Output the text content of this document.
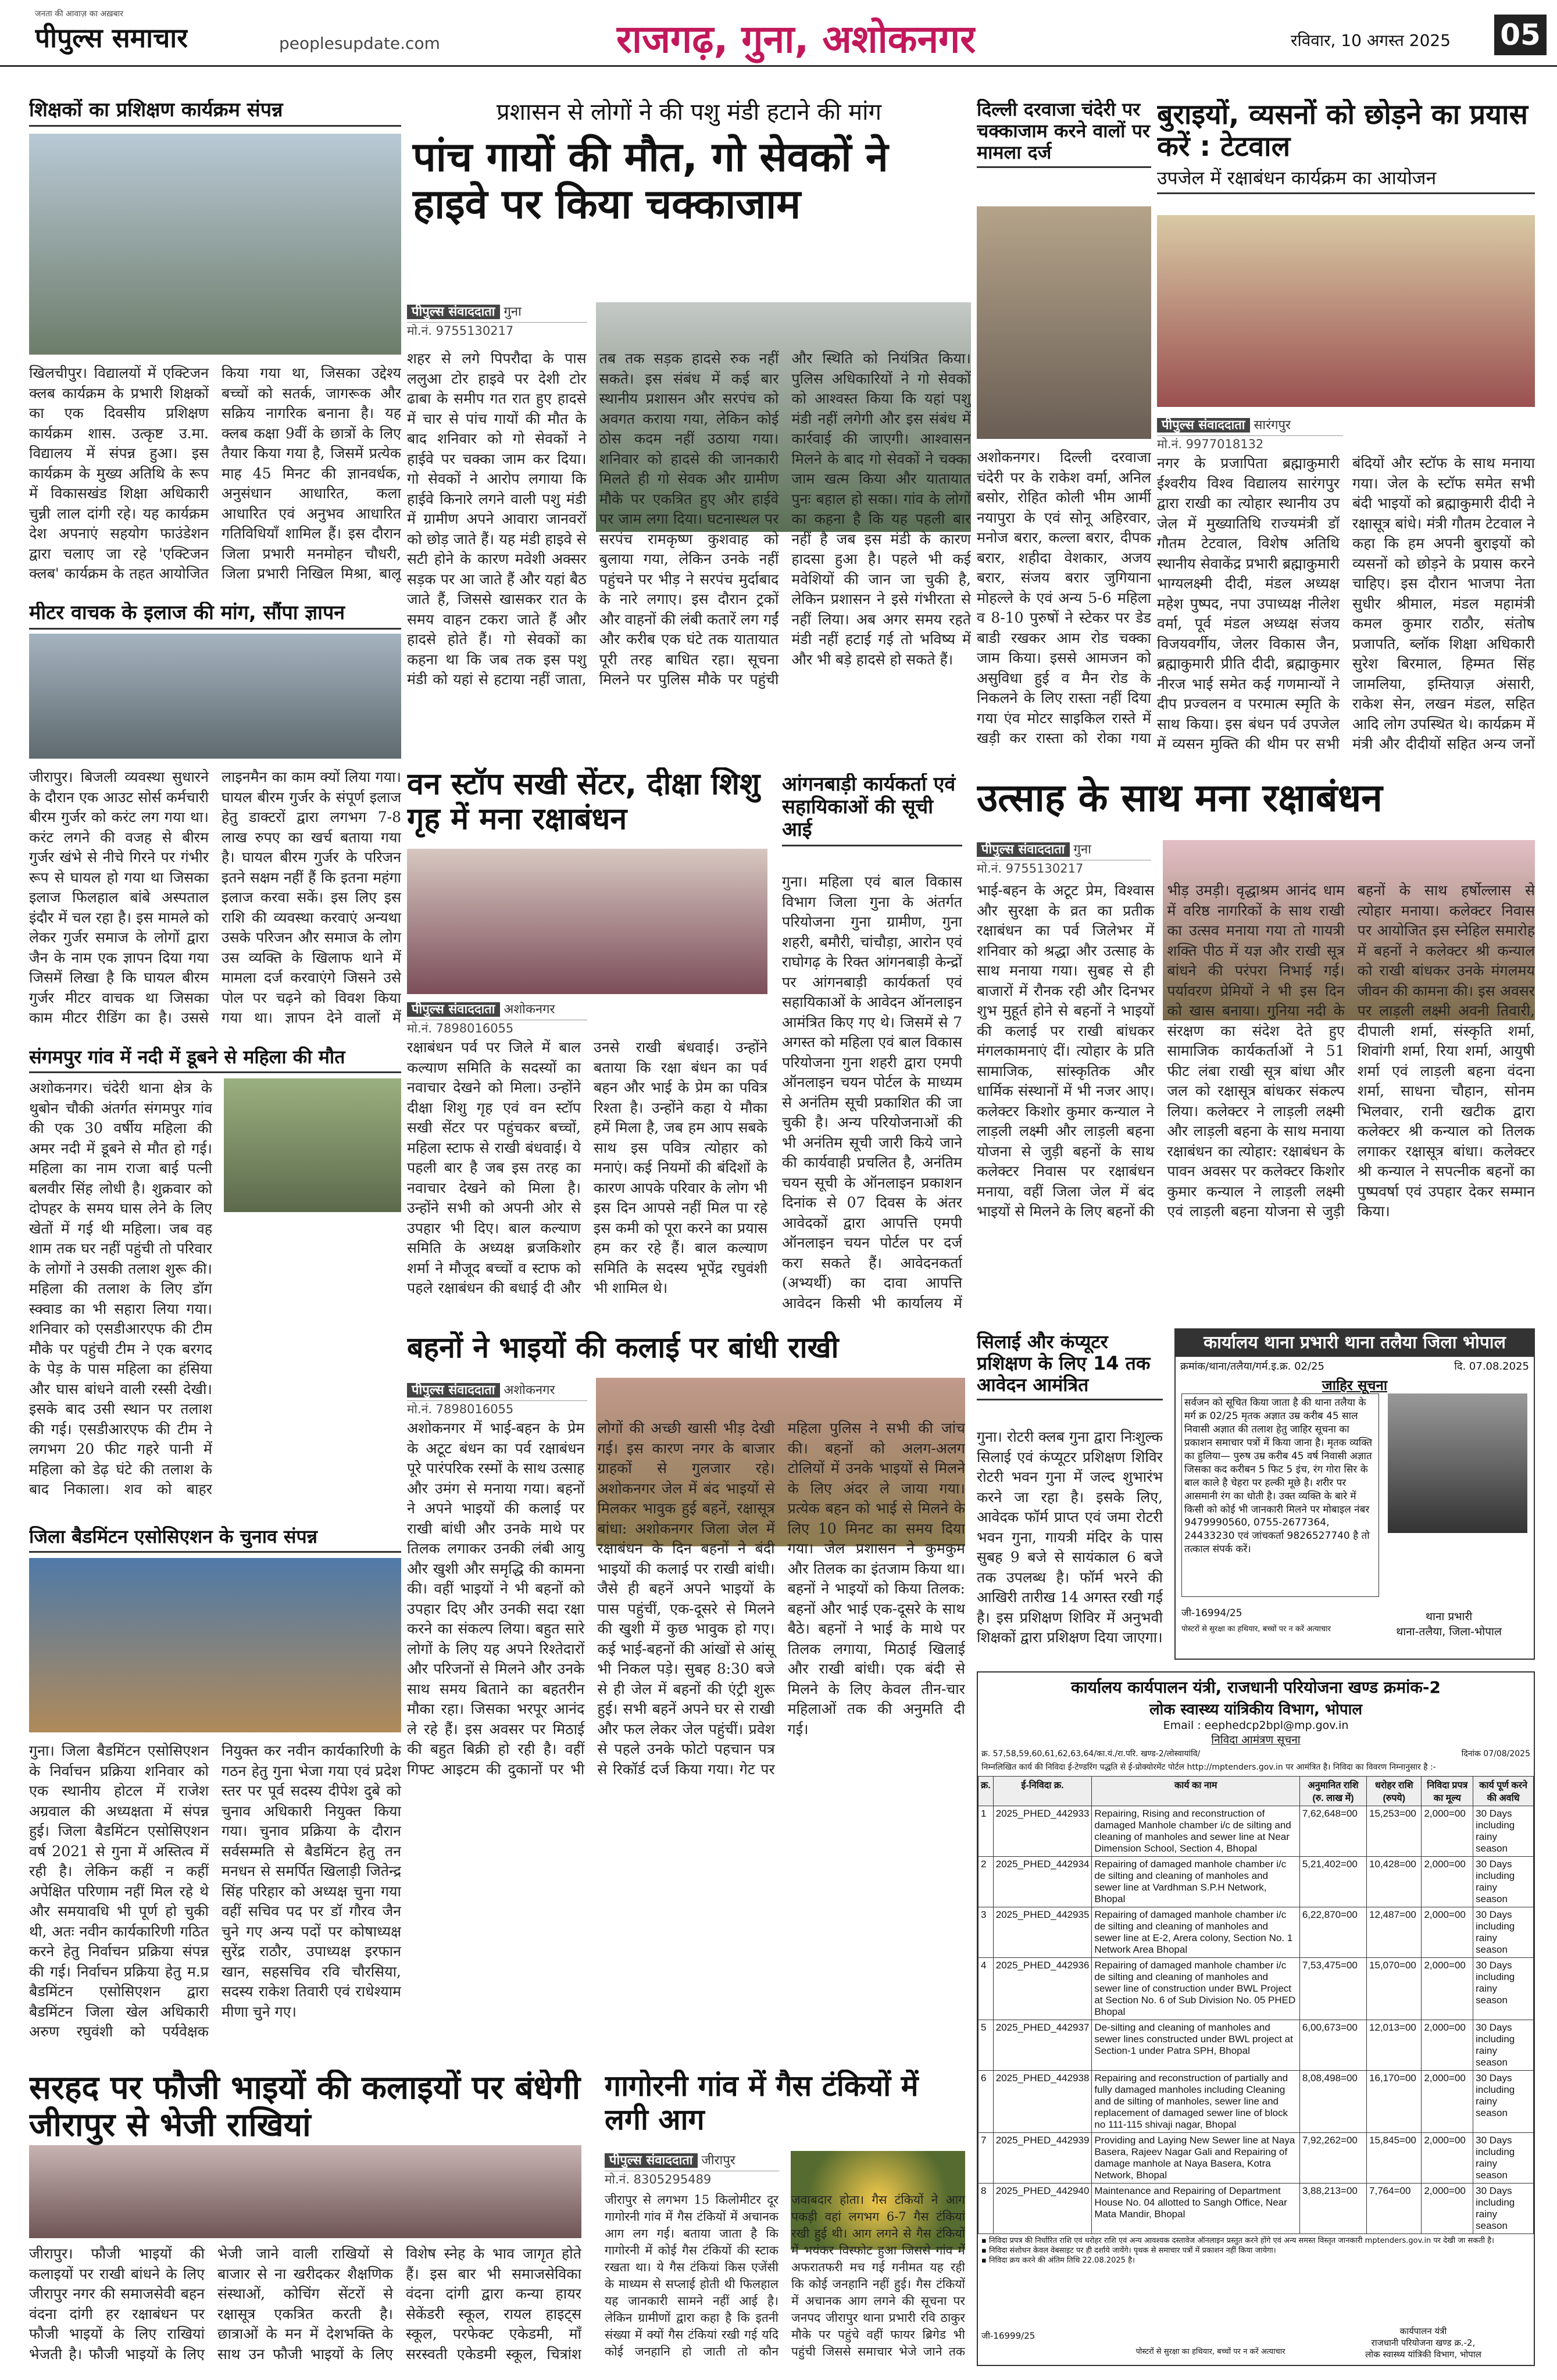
जनता की आवाज़ का अख़बार
पीपुल्स समाचार	peoplesupdate.com	राजगढ़, गुना, अशोकनगर	रविवार, 10 अगस्त 2025 05
शिक्षकों का प्रशिक्षण कार्यक्रम संपन्न
खिलचीपुर। विद्यालयों में एक्टिजन क्लब कार्यक्रम के प्रभारी शिक्षकों का एक दिवसीय प्रशिक्षण कार्यक्रम शास. उत्कृष्ट उ.मा. विद्यालय में संपन्न हुआ। इस कार्यक्रम के मुख्य अतिथि के रूप में विकासखंड शिक्षा अधिकारी चुन्नी लाल दांगी रहे। यह कार्यक्रम देश अपनाएं सहयोग फाउंडेशन द्वारा चलाए जा रहे 'एक्टिजन क्लब' कार्यक्रम के तहत आयोजित किया गया था, जिसका उद्देश्य बच्चों को सतर्क, जागरूक और सक्रिय नागरिक बनाना है। यह क्लब कक्षा 9वीं के छात्रों के लिए तैयार किया गया है, जिसमें प्रत्येक माह 45 मिनट की ज्ञानवर्धक, अनुसंधान आधारित, कला आधारित एवं अनुभव आधारित गतिविधियाँ शामिल हैं। इस दौरान जिला प्रभारी मनमोहन चौधरी, जिला प्रभारी निखिल मिश्रा, बालू
मीटर वाचक के इलाज की मांग, सौंपा ज्ञापन
जीरापुर। बिजली व्यवस्था सुधारने के दौरान एक आउट सोर्स कर्मचारी बीरम गुर्जर को करंट लग गया था। करंट लगने की वजह से बीरम गुर्जर खंभे से नीचे गिरने पर गंभीर रूप से घायल हो गया था जिसका इलाज फिलहाल बांबे अस्पताल इंदौर में चल रहा है। इस मामले को लेकर गुर्जर समाज के लोगों द्वारा जैन के नाम एक ज्ञापन दिया गया जिसमें लिखा है कि घायल बीरम गुर्जर मीटर वाचक था जिसका काम मीटर रीडिंग का है। उससे लाइनमैन का काम क्यों लिया गया। घायल बीरम गुर्जर के संपूर्ण इलाज हेतु डाक्टरों द्वारा लगभग 7-8 लाख रुपए का खर्च बताया गया है। घायल बीरम गुर्जर के परिजन इतने सक्षम नहीं हैं कि इतना महंगा इलाज करवा सकें। इस लिए इस राशि की व्यवस्था करवाएं अन्यथा उसके परिजन और समाज के लोग उस व्यक्ति के खिलाफ थाने में मामला दर्ज करवाएंगे जिसने उसे पोल पर चढ़ने को विवश किया गया था। ज्ञापन देने वालों में
संगमपुर गांव में नदी में डूबने से महिला की मौत
अशोकनगर। चंदेरी थाना क्षेत्र के थुबोन चौकी अंतर्गत संगमपुर गांव की एक 30 वर्षीय महिला की अमर नदी में डूबने से मौत हो गई। महिला का नाम राजा बाई पत्नी बलवीर सिंह लोधी है। शुक्रवार को दोपहर के समय घास लेने के लिए खेतों में गई थी महिला। जब वह शाम तक घर नहीं पहुंची तो परिवार के लोगों ने उसकी तलाश शुरू की। महिला की तलाश के लिए डॉग स्क्वाड का भी सहारा लिया गया। शनिवार को एसडीआरएफ की टीम मौके पर पहुंची टीम ने एक बरगद के पेड़ के पास महिला का हंसिया और घास बांधने वाली रस्सी देखी। इसके बाद उसी स्थान पर तलाश की गई। एसडीआरएफ की टीम ने लगभग 20 फीट गहरे पानी में महिला को डेढ़ घंटे की तलाश के बाद निकाला। शव को बाहर
जिला बैडमिंटन एसोसिएशन के चुनाव संपन्न
गुना। जिला बैडमिंटन एसोसिएशन के निर्वाचन प्रक्रिया शनिवार को एक स्थानीय होटल में राजेश अग्रवाल की अध्यक्षता में संपन्न हुई। जिला बैडमिंटन एसोसिएशन वर्ष 2021 से गुना में अस्तित्व में रही है। लेकिन कहीं न कहीं अपेक्षित परिणाम नहीं मिल रहे थे और समयावधि भी पूर्ण हो चुकी थी, अतः नवीन कार्यकारिणी गठित करने हेतु निर्वाचन प्रक्रिया संपन्न की गई। निर्वाचन प्रक्रिया हेतु म.प्र बैडमिंटन एसोसिएशन द्वारा बैडमिंटन जिला खेल अधिकारी अरुण रघुवंशी को पर्यवेक्षक नियुक्त कर नवीन कार्यकारिणी के गठन हेतु गुना भेजा गया एवं प्रदेश स्तर पर पूर्व सदस्य दीपेश दुबे को चुनाव अधिकारी नियुक्त किया गया। चुनाव प्रक्रिया के दौरान सर्वसम्मति से बैडमिंटन हेतु तन मनधन से समर्पित खिलाड़ी जितेन्द्र सिंह परिहार को अध्यक्ष चुना गया वहीं सचिव पद पर डॉ गौरव जैन चुने गए अन्य पदों पर कोषाध्यक्ष सुरेंद्र राठौर, उपाध्यक्ष इरफान खान, सहसचिव रवि चौरसिया, सदस्य राकेश तिवारी एवं राधेश्याम मीणा चुने गए।
प्रशासन से लोगों ने की पशु मंडी हटाने की मांग
पांच गायों की मौत, गो सेवकों ने हाइवे पर किया चक्काजाम
पीपुल्स संवाददाता गुना
मो.नं. 9755130217
शहर से लगे पिपरौदा के पास ललुआ टोर हाइवे पर देशी टोर ढाबा के समीप गत रात हुए हादसे में चार से पांच गायों की मौत के बाद शनिवार को गो सेवकों ने हाईवे पर चक्का जाम कर दिया। गो सेवकों ने आरोप लगाया कि हाईवे किनारे लगने वाली पशु मंडी में ग्रामीण अपने आवारा जानवरों को छोड़ जाते हैं। यह मंडी हाइवे से सटी होने के कारण मवेशी अक्सर सड़क पर आ जाते हैं और यहां बैठ जाते हैं, जिससे खासकर रात के समय वाहन टकरा जाते हैं और हादसे होते हैं। गो सेवकों का कहना था कि जब तक इस पशु मंडी को यहां से हटाया नहीं जाता, तब तक सड़क हादसे रुक नहीं सकते। इस संबंध में कई बार स्थानीय प्रशासन और सरपंच को अवगत कराया गया, लेकिन कोई ठोस कदम नहीं उठाया गया। शनिवार को हादसे की जानकारी मिलते ही गो सेवक और ग्रामीण मौके पर एकत्रित हुए और हाईवे पर जाम लगा दिया। घटनास्थल पर सरपंच रामकृष्ण कुशवाह को बुलाया गया, लेकिन उनके नहीं पहुंचने पर भीड़ ने सरपंच मुर्दाबाद के नारे लगाए। इस दौरान ट्रकों और वाहनों की लंबी कतारें लग गईं और करीब एक घंटे तक यातायात पूरी तरह बाधित रहा। सूचना मिलने पर पुलिस मौके पर पहुंची और स्थिति को नियंत्रित किया। पुलिस अधिकारियों ने गो सेवकों को आश्वस्त किया कि यहां पशु मंडी नहीं लगेगी और इस संबंध में कार्रवाई की जाएगी। आश्वासन मिलने के बाद गो सेवकों ने चक्का जाम खत्म किया और यातायात पुनः बहाल हो सका। गांव के लोगों का कहना है कि यह पहली बार नहीं है जब इस मंडी के कारण हादसा हुआ है। पहले भी कई मवेशियों की जान जा चुकी है, लेकिन प्रशासन ने इसे गंभीरता से नहीं लिया। अब अगर समय रहते मंडी नहीं हटाई गई तो भविष्य में और भी बड़े हादसे हो सकते हैं।
दिल्ली दरवाजा चंदेरी पर चक्काजाम करने वालों पर मामला दर्ज
अशोकनगर। दिल्ली दरवाजा चंदेरी पर के राकेश वर्मा, अनिल बसोर, रोहित कोली भीम आर्मी नयापुरा के एवं सोनू अहिरवार, मनोज बरार, कल्ला बरार, दीपक बरार, शहीदा वेशकार, अजय बरार, संजय बरार जुगियाना मोहल्ले के एवं अन्य 5-6 महिला व 8-10 पुरुषों ने स्टेकर पर डेड बाडी रखकर आम रोड चक्का जाम किया। इससे आमजन को असुविधा हुई व मैन रोड के निकलने के लिए रास्ता नहीं दिया गया एंव मोटर साइकिल रास्ते में खड़ी कर रास्ता को रोका गया
बुराइयों, व्यसनों को छोड़ने का प्रयास करें : टेटवाल
उपजेल में रक्षाबंधन कार्यक्रम का आयोजन
पीपुल्स संवाददाता सारंगपुर
मो.नं. 9977018132
नगर के प्रजापिता ब्रह्माकुमारी ईश्वरीय विश्व विद्यालय सारंगपुर द्वारा राखी का त्योहार स्थानीय उप जेल में मुख्यातिथि राज्यमंत्री डॉ गौतम टेटवाल, विशेष अतिथि स्थानीय सेवाकेंद्र प्रभारी ब्रह्माकुमारी भाग्यलक्ष्मी दीदी, मंडल अध्यक्ष महेश पुष्पद, नपा उपाध्यक्ष नीलेश वर्मा, पूर्व मंडल अध्यक्ष संजय विजयवर्गीय, जेलर विकास जैन, ब्रह्माकुमारी प्रीति दीदी, ब्रह्माकुमार नीरज भाई समेत कई गणमान्यों ने दीप प्रज्वलन व परमात्म स्मृति के साथ किया। इस बंधन पर्व उपजेल में व्यसन मुक्ति की थीम पर सभी बंदियों और स्टॉफ के साथ मनाया गया। जेल के स्टॉफ समेत सभी बंदी भाइयों को ब्रह्माकुमारी दीदी ने रक्षासूत्र बांधे। मंत्री गौतम टेटवाल ने कहा कि हम अपनी बुराइयों को व्यसनों को छोड़ने के प्रयास करने चाहिए। इस दौरान भाजपा नेता सुधीर श्रीमाल, मंडल महामंत्री कमल कुमार राठौर, संतोष प्रजापति, ब्लॉक शिक्षा अधिकारी सुरेश बिरमाल, हिम्मत सिंह जामलिया, इम्तियाज़ अंसारी, राकेश सेन, लखन मंडल, सहित आदि लोग उपस्थित थे। कार्यक्रम में मंत्री और दीदीयों सहित अन्य जनों
वन स्टॉप सखी सेंटर, दीक्षा शिशु गृह में मना रक्षाबंधन
पीपुल्स संवाददाता अशोकनगर
मो.नं. 7898016055
रक्षाबंधन पर्व पर जिले में बाल कल्याण समिति के सदस्यों का नवाचार देखने को मिला। उन्होंने दीक्षा शिशु गृह एवं वन स्टॉप सखी सेंटर पर पहुंचकर बच्चों, महिला स्टाफ से राखी बंधवाई। ये पहली बार है जब इस तरह का नवाचार देखने को मिला है। उन्होंने सभी को अपनी ओर से उपहार भी दिए। बाल कल्याण समिति के अध्यक्ष ब्रजकिशोर शर्मा ने मौजूद बच्चों व स्टाफ को पहले रक्षाबंधन की बधाई दी और उनसे राखी बंधवाई। उन्होंने बताया कि रक्षा बंधन का पर्व बहन और भाई के प्रेम का पवित्र रिश्ता है। उन्होंने कहा ये मौका हमें मिला है, जब हम आप सबके साथ इस पवित्र त्योहार को मनाएं। कई नियमों की बंदिशों के कारण आपके परिवार के लोग भी इस दिन आपसे नहीं मिल पा रहे इस कमी को पूरा करने का प्रयास हम कर रहे हैं। बाल कल्याण समिति के सदस्य भूपेंद्र रघुवंशी भी शामिल थे।
आंगनबाड़ी कार्यकर्ता एवं सहायिकाओं की सूची आई
गुना। महिला एवं बाल विकास विभाग जिला गुना के अंतर्गत परियोजना गुना ग्रामीण, गुना शहरी, बमौरी, चांचौड़ा, आरोन एवं राघोगढ़ के रिक्त आंगनबाड़ी केन्द्रों पर आंगनबाड़ी कार्यकर्ता एवं सहायिकाओं के आवेदन ऑनलाइन आमंत्रित किए गए थे। जिसमें से 7 अगस्त को महिला एवं बाल विकास परियोजना गुना शहरी द्वारा एमपी ऑनलाइन चयन पोर्टल के माध्यम से अनंतिम सूची प्रकाशित की जा चुकी है। अन्य परियोजनाओं की भी अनंतिम सूची जारी किये जाने की कार्यवाही प्रचलित है, अनंतिम चयन सूची के ऑनलाइन प्रकाशन दिनांक से 07 दिवस के अंतर आवेदकों द्वारा आपत्ति एमपी ऑनलाइन चयन पोर्टल पर दर्ज करा सकते हैं। आवेदनकर्ता (अभ्यर्थी) का दावा आपत्ति आवेदन किसी भी कार्यालय में
उत्साह के साथ मना रक्षाबंधन
पीपुल्स संवाददाता गुना
मो.नं. 9755130217
भाई-बहन के अटूट प्रेम, विश्वास और सुरक्षा के व्रत का प्रतीक रक्षाबंधन का पर्व जिलेभर में शनिवार को श्रद्धा और उत्साह के साथ मनाया गया। सुबह से ही बाजारों में रौनक रही और दिनभर शुभ मुहूर्त होने से बहनों ने भाइयों की कलाई पर राखी बांधकर मंगलकामनाएं दीं। त्योहार के प्रति सामाजिक, सांस्कृतिक और धार्मिक संस्थानों में भी नजर आए। कलेक्टर किशोर कुमार कन्याल ने लाड़ली लक्ष्मी और लाड़ली बहना योजना से जुड़ी बहनों के साथ कलेक्टर निवास पर रक्षाबंधन मनाया, वहीं जिला जेल में बंद भाइयों से मिलने के लिए बहनों की भीड़ उमड़ी। वृद्धाश्रम आनंद धाम में वरिष्ठ नागरिकों के साथ राखी का उत्सव मनाया गया तो गायत्री शक्ति पीठ में यज्ञ और राखी सूत्र बांधने की परंपरा निभाई गई। पर्यावरण प्रेमियों ने भी इस दिन को खास बनाया। गुनिया नदी के संरक्षण का संदेश देते हुए सामाजिक कार्यकर्ताओं ने 51 फीट लंबा राखी सूत्र बांधा और जल को रक्षासूत्र बांधकर संकल्प लिया। कलेक्टर ने लाड़ली लक्ष्मी और लाड़ली बहना के साथ मनाया रक्षाबंधन का त्योहार: रक्षाबंधन के पावन अवसर पर कलेक्टर किशोर कुमार कन्याल ने लाड़ली लक्ष्मी एवं लाड़ली बहना योजना से जुड़ी बहनों के साथ हर्षोल्लास से त्योहार मनाया। कलेक्टर निवास पर आयोजित इस स्नेहिल समारोह में बहनों ने कलेक्टर श्री कन्याल को राखी बांधकर उनके मंगलमय जीवन की कामना की। इस अवसर पर लाड़ली लक्ष्मी अवनी तिवारी, दीपाली शर्मा, संस्कृति शर्मा, शिवांगी शर्मा, रिया शर्मा, आयुषी शर्मा एवं लाड़ली बहना वंदना शर्मा, साधना चौहान, सोनम भिलवार, रानी खटीक द्वारा कलेक्टर श्री कन्याल को तिलक लगाकर रक्षासूत्र बांधा। कलेक्टर श्री कन्याल ने सपत्नीक बहनों का पुष्पवर्षा एवं उपहार देकर सम्मान किया।
बहनों ने भाइयों की कलाई पर बांधी राखी
पीपुल्स संवाददाता अशोकनगर
मो.नं. 7898016055
अशोकनगर में भाई-बहन के प्रेम के अटूट बंधन का पर्व रक्षाबंधन पूरे पारंपरिक रस्मों के साथ उत्साह और उमंग से मनाया गया। बहनों ने अपने भाइयों की कलाई पर राखी बांधी और उनके माथे पर तिलक लगाकर उनकी लंबी आयु और खुशी और समृद्धि की कामना की। वहीं भाइयों ने भी बहनों को उपहार दिए और उनकी सदा रक्षा करने का संकल्प लिया। बहुत सारे लोगों के लिए यह अपने रिश्तेदारों और परिजनों से मिलने और उनके साथ समय बिताने का बहतरीन मौका रहा। जिसका भरपूर आनंद ले रहे हैं। इस अवसर पर मिठाई की बहुत बिक्री हो रही है। वहीं गिफ्ट आइटम की दुकानों पर भी लोगों की अच्छी खासी भीड़ देखी गई। इस कारण नगर के बाजार ग्राहकों से गुलजार रहे। अशोकनगर जेल में बंद भाइयों से मिलकर भावुक हुई बहनें, रक्षासूत्र बांधा: अशोकनगर जिला जेल में रक्षाबंधन के दिन बहनों ने बंदी भाइयों की कलाई पर राखी बांधी। जैसे ही बहनें अपने भाइयों के पास पहुंचीं, एक-दूसरे से मिलने की खुशी में कुछ भावुक हो गए। कई भाई-बहनों की आंखों से आंसू भी निकल पड़े। सुबह 8:30 बजे से ही जेल में बहनों की एंट्री शुरू हुई। सभी बहनें अपने घर से राखी और फल लेकर जेल पहुंचीं। प्रवेश से पहले उनके फोटो पहचान पत्र से रिकॉर्ड दर्ज किया गया। गेट पर महिला पुलिस ने सभी की जांच की। बहनों को अलग-अलग टोलियों में उनके भाइयों से मिलने के लिए अंदर ले जाया गया। प्रत्येक बहन को भाई से मिलने के लिए 10 मिनट का समय दिया गया। जेल प्रशासन ने कुमकुम और तिलक का इंतजाम किया था। बहनों ने भाइयों को किया तिलक: बहनों और भाई एक-दूसरे के साथ बैठे। बहनों ने भाई के माथे पर तिलक लगाया, मिठाई खिलाई और राखी बांधी। एक बंदी से मिलने के लिए केवल तीन-चार महिलाओं तक की अनुमति दी गई।
सिलाई और कंप्यूटर प्रशिक्षण के लिए 14 तक आवेदन आमंत्रित
गुना। रोटरी क्लब गुना द्वारा निःशुल्क सिलाई एवं कंप्यूटर प्रशिक्षण शिविर रोटरी भवन गुना में जल्द शुभारंभ करने जा रहा है। इसके लिए, आवेदक फॉर्म प्राप्त एवं जमा रोटरी भवन गुना, गायत्री मंदिर के पास सुबह 9 बजे से सायंकाल 6 बजे तक उपलब्ध है। फॉर्म भरने की आखिरी तारीख 14 अगस्त रखी गई है। इस प्रशिक्षण शिविर में अनुभवी शिक्षकों द्वारा प्रशिक्षण दिया जाएगा।
कार्यालय थाना प्रभारी थाना तलैया जिला भोपाल
क्रमांक/थाना/तलैया/गर्म.इ.क्र. 02/25	दि. 07.08.2025
जाहिर सूचना
सर्वजन को सूचित किया जाता है की थाना तलैया के मर्ग क्र 02/25 मृतक अज्ञात उम्र करीब 45 साल निवासी अज्ञात की तलाश हेतु जाहिर सूचना का प्रकाशन समाचार पत्रों में किया जाना है। मृतक व्यक्ति का हुलिया— पुरुष उम्र करीब 45 वर्ष निवासी अज्ञात जिसका कद करीबन 5 फिट 5 इंच, रंग गोरा सिर के बाल काले है चेहरा पर हल्की मूछे है। शरीर पर आसमानी रंग का धोती है। उक्त व्यक्ति के बारे में किसी को कोई भी जानकारी मिलने पर मोबाइल नंबर 9479990560, 0755-2677364, 24433230 एवं जांचकर्ता 9826527740 है तो तत्काल संपर्क करें।
जी-16994/25
पोस्टरों से सुरक्षा का हथियार, बच्चों पर न करें अत्याचार
थाना प्रभारी
थाना-तलैया, जिला-भोपाल
सरहद पर फौजी भाइयों की कलाइयों पर बंधेगी जीरापुर से भेजी राखियां
जीरापुर। फौजी भाइयों की कलाइयों पर राखी बांधने के लिए जीरापुर नगर की समाजसेवी बहन वंदना दांगी हर रक्षाबंधन पर फौजी भाइयों के लिए राखियां भेजती है। फौजी भाइयों के लिए भेजी जाने वाली राखियों से बाजार से ना खरीदकर शैक्षणिक संस्थाओं, कोचिंग सेंटरों से रक्षासूत्र एकत्रित करती है। छात्राओं के मन में देशभक्ति के साथ उन फौजी भाइयों के लिए विशेष स्नेह के भाव जागृत होते हैं। इस बार भी समाजसेविका वंदना दांगी द्वारा कन्या हायर सेकेंडरी स्कूल, रायल हाइट्स स्कूल, परफेक्ट एकेडमी, माँ सरस्वती एकेडमी स्कूल, चित्रांश
गागोरनी गांव में गैस टंकियों में लगी आग
पीपुल्स संवाददाता जीरापुर
मो.नं. 8305295489
जीरापुर से लगभग 15 किलोमीटर दूर गागोरनी गांव में गैस टंकियों में अचानक आग लग गई। बताया जाता है कि गागोरनी में कोई गैस टंकियों की स्टाक रखता था। ये गैस टंकियां किस एजेंसी के माध्यम से सप्लाई होती थी फिलहाल यह जानकारी सामने नहीं आई है। लेकिन ग्रामीणों द्वारा कहा है कि इतनी संख्या में क्यों गैस टंकियां रखी गई यदि कोई जनहानि हो जाती तो कौन जवाबदार होता। गैस टंकियों ने आग पकड़ी वहां लगभग 6-7 गैस टंकियां रखी हुई थी। आग लगने से गैस टंकियों में भयंकर विस्फोट हुआ जिससे गांव में अफरातफरी मच गई गनीमत यह रही कि कोई जनहानि नहीं हुई। गैस टंकियों में अचानक आग लगने की सूचना पर जनपद जीरापुर थाना प्रभारी रवि ठाकुर मौके पर पहुंचे वहीं फायर ब्रिगेड भी पहुंची जिससे समाचार भेजे जाने तक
कार्यालय कार्यपालन यंत्री, राजधानी परियोजना खण्ड क्रमांक-2
लोक स्वास्थ्य यांत्रिकीय विभाग, भोपाल
Email : eephedcp2bpl@mp.gov.in
निविदा आमंत्रण सूचना
क्र. 57,58,59,60,61,62,63,64/का.यं./रा.परि. खण्ड-2/लोस्वायांवि/	दिनांक 07/08/2025
निम्नलिखित कार्य की निविदा ई-टेण्डरिंग पद्धति से ई-प्रोक्योरमेंट पोर्टल http://mptenders.gov.in पर आमंत्रित है। निविदा का विवरण निम्नानुसार है :-
क्र.	ई-निविदा क्र.	कार्य का नाम	अनुमानित राशि (रु. लाख में)	धरोहर राशि (रुपये)	निविदा प्रपत्र का मूल्य	कार्य पूर्ण करने की अवधि
1	2025_PHED_442933	Repairing, Rising and reconstruction of damaged Manhole chamber i/c de silting and cleaning of manholes and sewer line at Near Dimension School, Section 4, Bhopal	7,62,648=00	15,253=00	2,000=00	30 Days including rainy season
2	2025_PHED_442934	Repairing of damaged manhole chamber i/c de silting and cleaning of manholes and sewer line at Vardhman S.P.H Network, Bhopal	5,21,402=00	10,428=00	2,000=00	30 Days including rainy season
3	2025_PHED_442935	Repairing of damaged manhole chamber i/c de silting and cleaning of manholes and sewer line at E-2, Arera colony, Section No. 1 Network Area Bhopal	6,22,870=00	12,487=00	2,000=00	30 Days including rainy season
4	2025_PHED_442936	Repairing of damaged manhole chamber i/c de silting and cleaning of manholes and sewer line of construction under BWL Project at Section No. 6 of Sub Division No. 05 PHED Bhopal	7,53,475=00	15,070=00	2,000=00	30 Days including rainy season
5	2025_PHED_442937	De-silting and cleaning of manholes and sewer lines constructed under BWL project at Section-1 under Patra SPH, Bhopal	6,00,673=00	12,013=00	2,000=00	30 Days including rainy season
6	2025_PHED_442938	Repairing and reconstruction of partially and fully damaged manholes including Cleaning and de silting of manholes, sewer line and replacement of damaged sewer line of block no 111-115 shivaji nagar, Bhopal	8,08,498=00	16,170=00	2,000=00	30 Days including rainy season
7	2025_PHED_442939	Providing and Laying New Sewer line at Naya Basera, Rajeev Nagar Gali and Repairing of damage manhole at Naya Basera, Kotra Network, Bhopal	7,92,262=00	15,845=00	2,000=00	30 Days including rainy season
8	2025_PHED_442940	Maintenance and Repairing of Department House No. 04 allotted to Sangh Office, Near Mata Mandir, Bhopal	3,88,213=00	7,764=00	2,000=00	30 Days including rainy season
▪ निविदा प्रपत्र की निर्धारित राशि एवं धरोहर राशि एवं अन्य आवश्यक दस्तावेज ऑनलाइन प्रस्तुत करने होंगे एवं अन्य समस्त विस्तृत जानकारी mptenders.gov.in पर देखी जा सकती है।
▪ निविदा संशोधन केवल वेबसाइट पर ही दर्शाये जायेंगे। पृथक से समाचार पत्रों में प्रकाशन नहीं किया जायेगा।
▪ निविदा क्रय करने की अंतिम तिथि 22.08.2025 है।
जी-16999/25
पोस्टरों से सुरक्षा का हथियार, बच्चों पर न करें अत्याचार
कार्यपालन यंत्री
राजधानी परियोजना खण्ड क्र.-2,
लोक स्वास्थ्य यांत्रिकी विभाग, भोपाल
